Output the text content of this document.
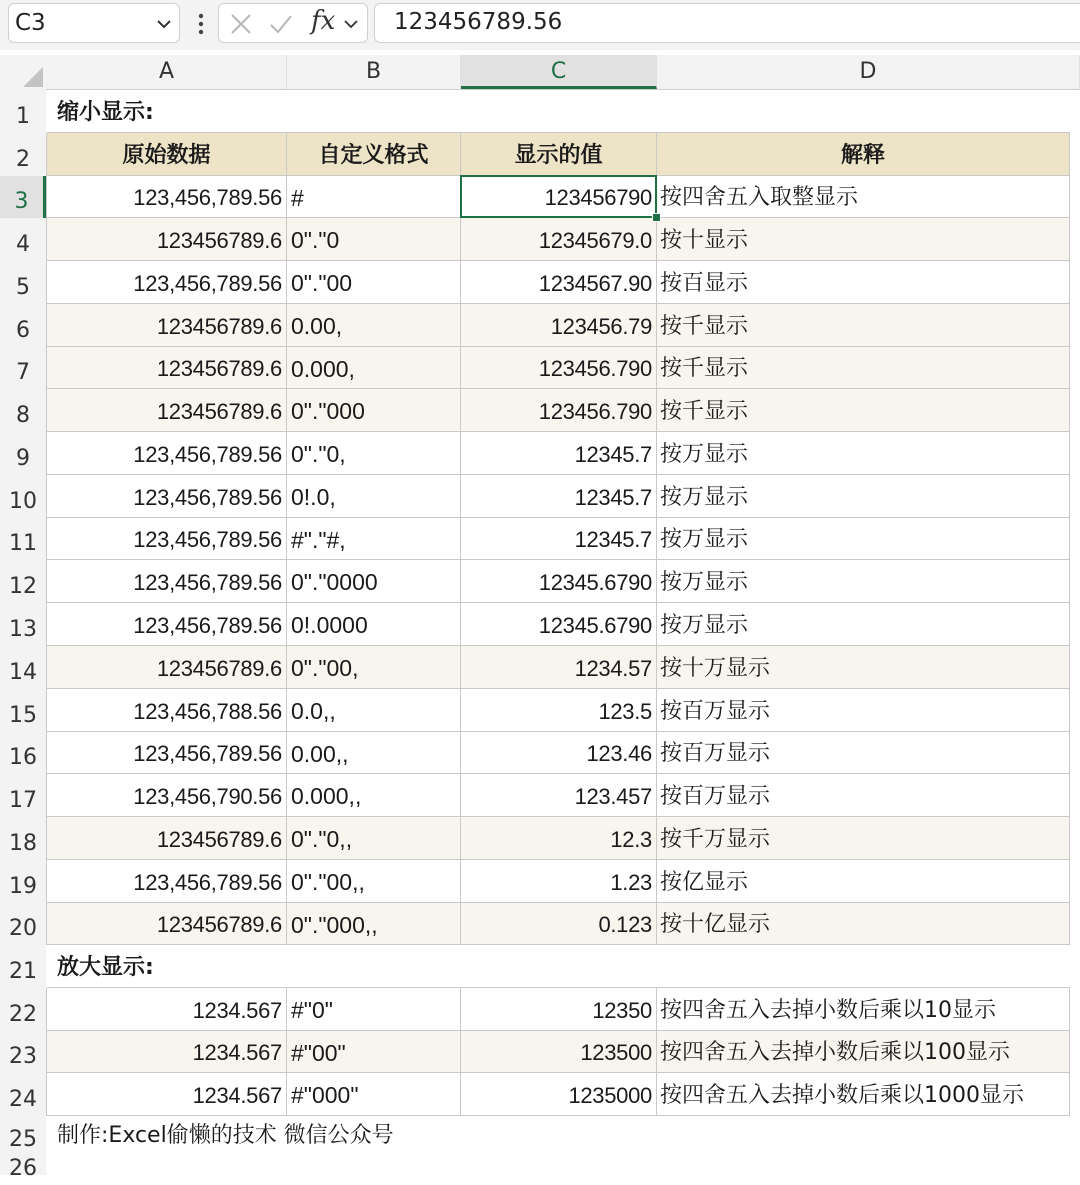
C3	fx	123456789.56
A	B	C	D
1
2
3
4
5
6
7
8
9
10
11
12
13
14
15
16
17
18
19
20
21
22
23
24
25
26
缩小显示:
原始数据	自定义格式	显示的值	解释
123,456,789.56 #	123456790 按四舍五入取整显示
123456789.6 0"."0	12345679.0 按十显示
123,456,789.56 0"."00	1234567.90 按百显示
123456789.6 0.00,	123456.79 按千显示
123456789.6 0.000,	123456.790 按千显示
123456789.6 0"."000	123456.790 按千显示
123,456,789.56 0"."0,	12345.7 按万显示
123,456,789.56 0!.0,	12345.7 按万显示
123,456,789.56 #"."#,	12345.7 按万显示
123,456,789.56 0"."0000	12345.6790 按万显示
123,456,789.56 0!.0000	12345.6790 按万显示
123456789.6 0"."00,	1234.57 按十万显示
123,456,788.56 0.0,,	123.5 按百万显示
123,456,789.56 0.00,,	123.46 按百万显示
123,456,790.56 0.000,,	123.457 按百万显示
123456789.6 0"."0,,	12.3 按千万显示
123,456,789.56 0"."00,,	1.23 按亿显示
123456789.6 0"."000,,	0.123 按十亿显示
放大显示:
1234.567 #"0"	12350 按四舍五入去掉小数后乘以10显示
1234.567 #"00"	123500 按四舍五入去掉小数后乘以100显示
1234.567 #"000"	1235000 按四舍五入去掉小数后乘以1000显示
制作:Excel偷懒的技术 微信公众号
